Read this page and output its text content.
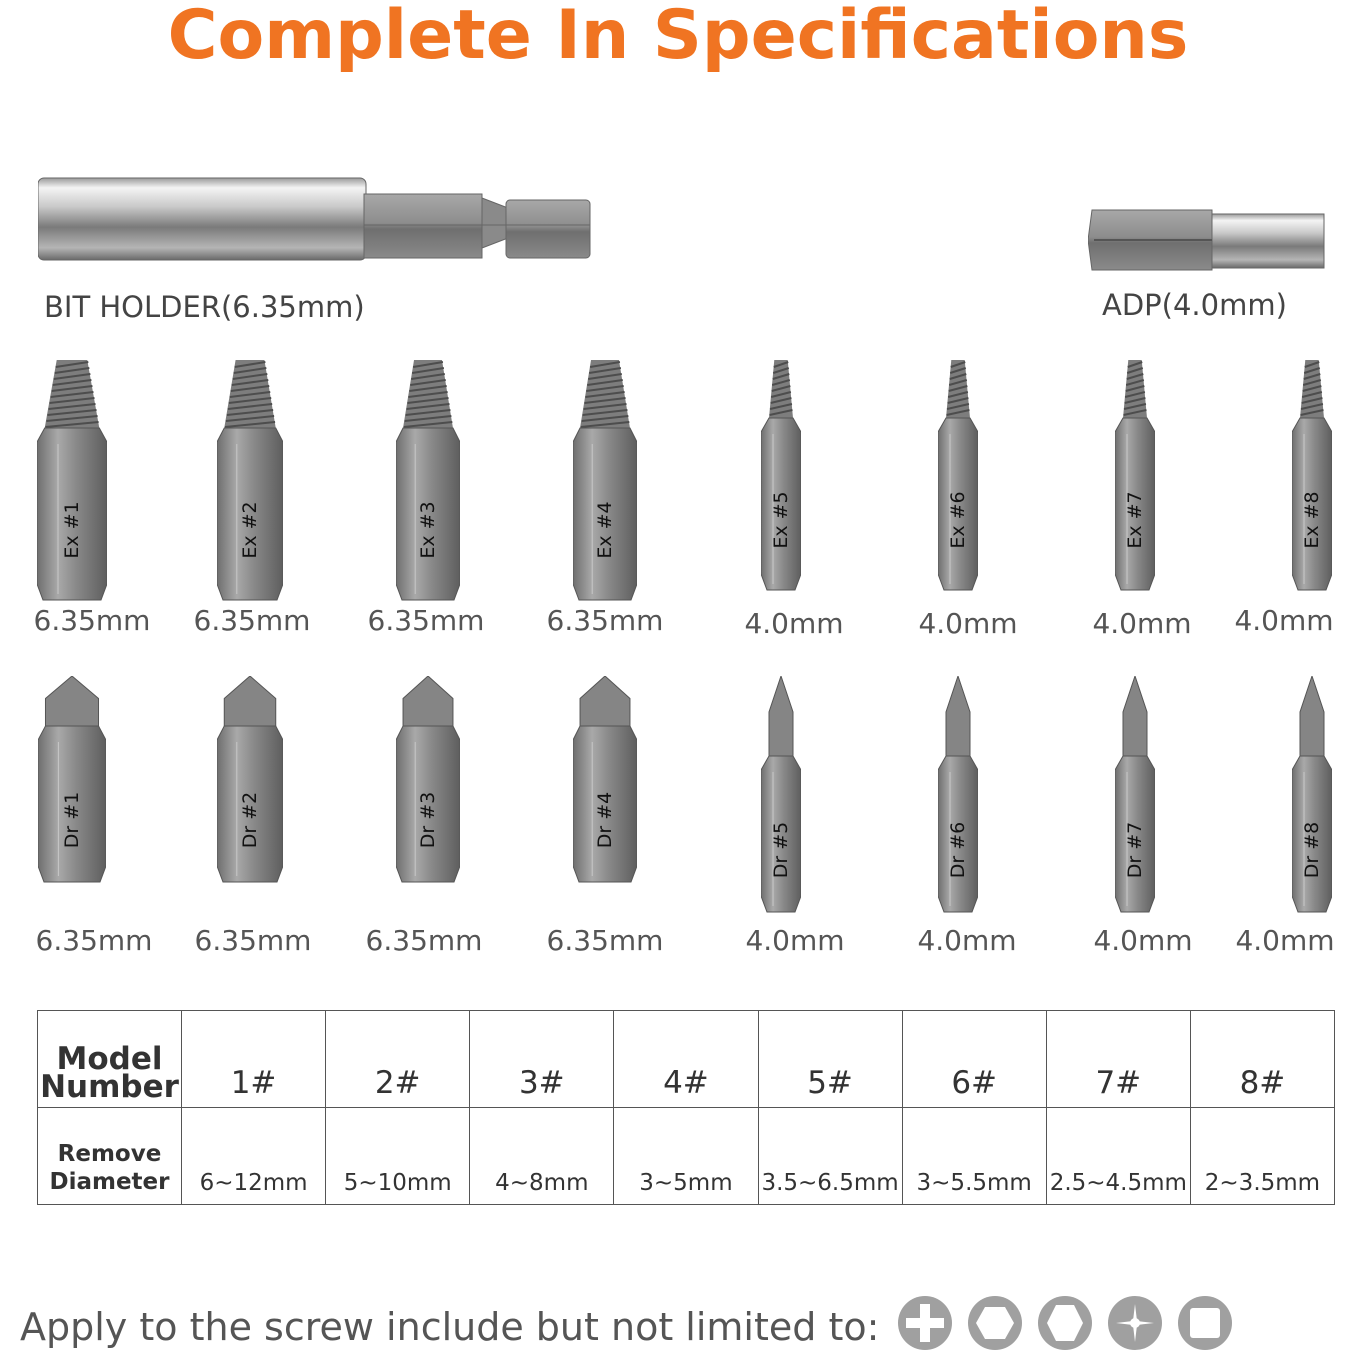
Complete In Specifications
BIT HOLDER(6.35mm)	ADP(4.0mm)
Model
Number	1#	2#	3#	4#	5#	6#	7#	8#
Remove
Diameter	6~12mm	5~10mm	4~8mm	3~5mm	3.5~6.5mm	3~5.5mm	2.5~4.5mm	2~3.5mm
Apply to the screw include but not limited to:
Ex #1
6.35mm
Ex #2
6.35mm
Ex #3
6.35mm
Ex #4
6.35mm
Ex #5
4.0mm
Ex #6
4.0mm
Ex #7
4.0mm
Ex #8
4.0mm
Dr #1
6.35mm
Dr #2
6.35mm
Dr #3
6.35mm
Dr #4
6.35mm
Dr #5
4.0mm
Dr #6
4.0mm
Dr #7
4.0mm
Dr #8
4.0mm
